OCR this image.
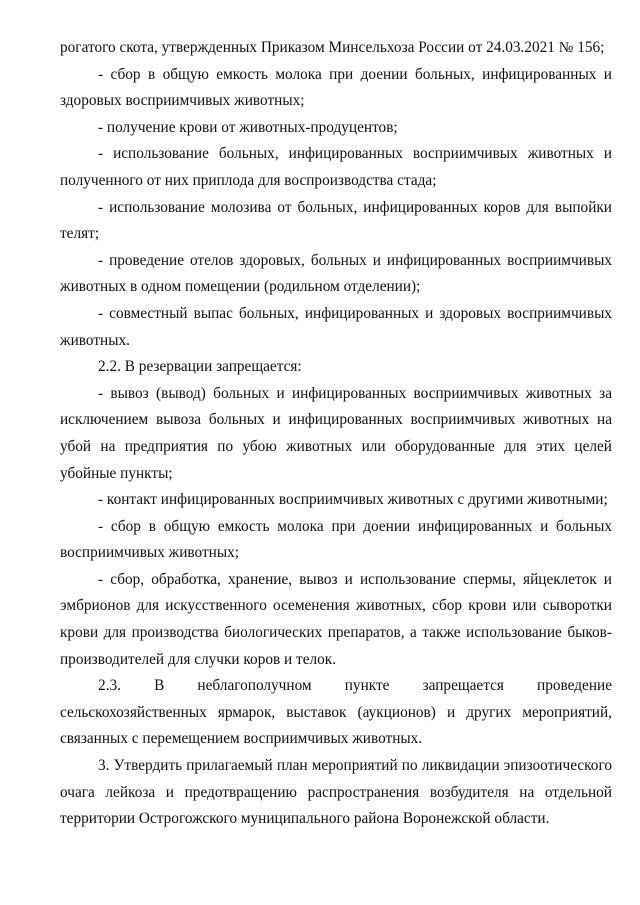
рогатого скота, утвержденных Приказом Минсельхоза России от 24.03.2021 № 156;

- сбор в общую емкость молока при доении больных, инфицированных и здоровых восприимчивых животных;

- получение крови от животных-продуцентов;

- использование больных, инфицированных восприимчивых животных и полученного от них приплода для воспроизводства стада;

- использование молозива от больных, инфицированных коров для выпойки телят;

- проведение отелов здоровых, больных и инфицированных восприимчивых животных в одном помещении (родильном отделении);

- совместный выпас больных, инфицированных и здоровых восприимчивых животных.

2.2. В резервации запрещается:

- вывоз (вывод) больных и инфицированных восприимчивых животных за исключением вывоза больных и инфицированных восприимчивых животных на убой на предприятия по убою животных или оборудованные для этих целей убойные пункты;

- контакт инфицированных восприимчивых животных с другими животными;

- сбор в общую емкость молока при доении инфицированных и больных восприимчивых животных;

- сбор, обработка, хранение, вывоз и использование спермы, яйцеклеток и эмбрионов для искусственного осеменения животных, сбор крови или сыворотки крови для производства биологических препаратов, а также использование быков-производителей для случки коров и телок.

2.3. В неблагополучном пункте запрещается проведение сельскохозяйственных ярмарок, выставок (аукционов) и других мероприятий, связанных с перемещением восприимчивых животных.

3. Утвердить прилагаемый план мероприятий по ликвидации эпизоотического очага лейкоза и предотвращению распространения возбудителя на отдельной территории Острогожского муниципального района Воронежской области.
